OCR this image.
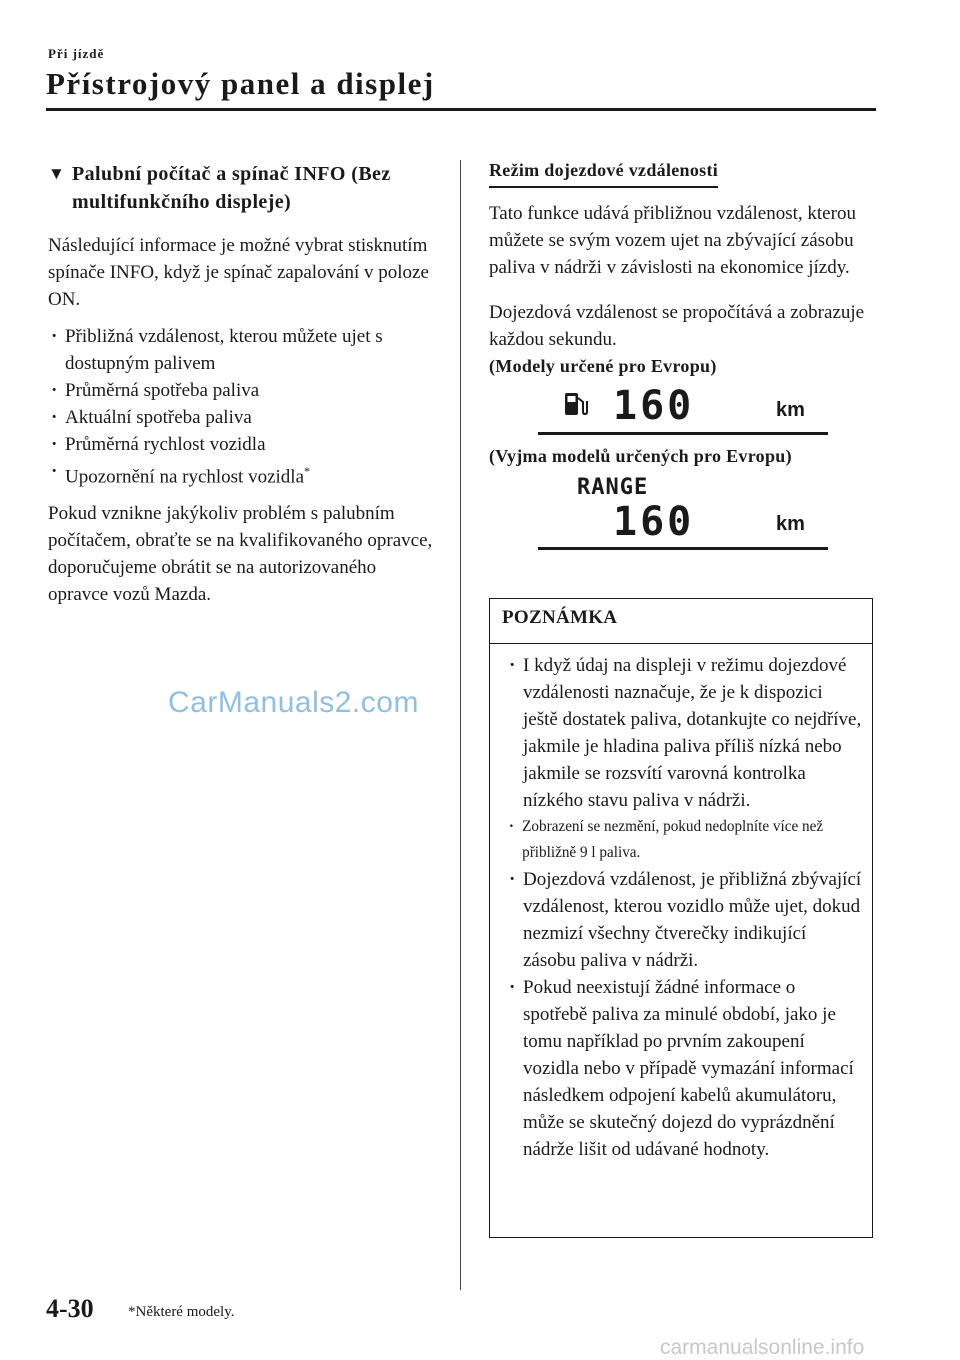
Při jízdě
Přístrojový panel a displej
▼ Palubní počítač a spínač INFO (Bez multifunkčního displeje)

Následující informace je možné vybrat stisknutím spínače INFO, když je spínač zapalování v poloze ON.

· Přibližná vzdálenost, kterou můžete ujet s dostupným palivem
· Průměrná spotřeba paliva
· Aktuální spotřeba paliva
· Průměrná rychlost vozidla
· Upozornění na rychlost vozidla*

Pokud vznikne jakýkoliv problém s palubním počítačem, obraťte se na kvalifikovaného opravce, doporučujeme obrátit se na autorizovaného opravce vozů Mazda.

CarManuals2.com
Režim dojezdové vzdálenosti

Tato funkce udává přibližnou vzdálenost, kterou můžete se svým vozem ujet na zbývající zásobu paliva v nádrži v závislosti na ekonomice jízdy.

Dojezdová vzdálenost se propočítává a zobrazuje každou sekundu.

(Modely určené pro Evropu)

160	km

(Vyjma modelů určených pro Evropu)

RANGE
160	km
POZNÁMKA
· I když údaj na displeji v režimu dojezdové vzdálenosti naznačuje, že je k dispozici ještě dostatek paliva, dotankujte co nejdříve, jakmile je hladina paliva příliš nízká nebo jakmile se rozsvítí varovná kontrolka nízkého stavu paliva v nádrži.
· Zobrazení se nezmění, pokud nedoplníte více než přibližně 9 l paliva.
· Dojezdová vzdálenost, je přibližná zbývající vzdálenost, kterou vozidlo může ujet, dokud nezmizí všechny čtverečky indikující zásobu paliva v nádrži.
· Pokud neexistují žádné informace o spotřebě paliva za minulé období, jako je tomu například po prvním zakoupení vozidla nebo v případě vymazání informací následkem odpojení kabelů akumulátoru, může se skutečný dojezd do vyprázdnění nádrže lišit od udávané hodnoty.
4-30 *Některé modely.
carmanualsonline.info
